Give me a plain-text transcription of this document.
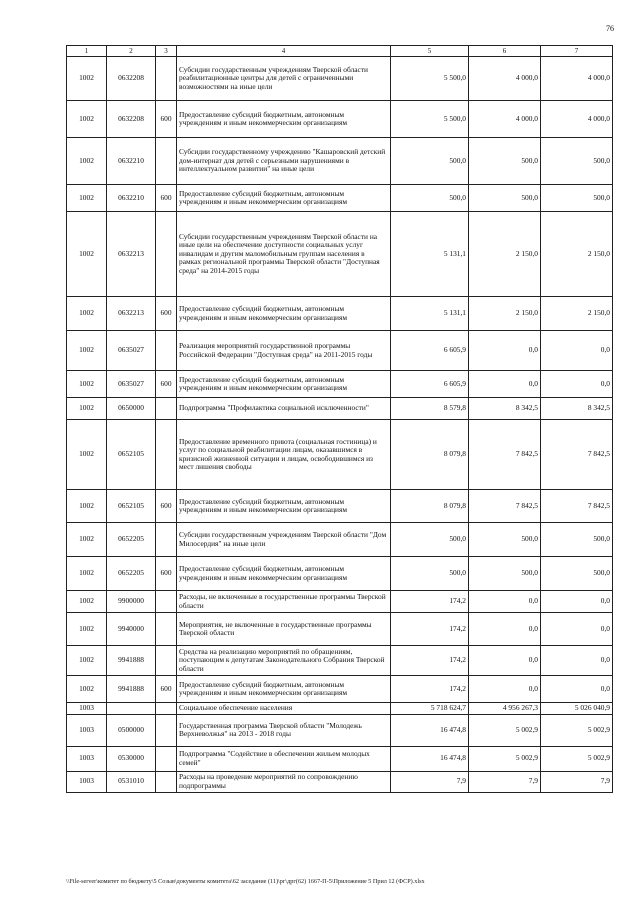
76
1	2	3	4	5	6	7
1002	0632208		Субсидии государственным учреждениям Тверской области реабилитационные центры для детей с ограниченными возможностями на иные цели	5 500,0	4 000,0	4 000,0
1002	0632208	600	Предоставление субсидий бюджетным, автономным учреждениям и иным некоммерческим организациям	5 500,0	4 000,0	4 000,0
1002	0632210		Субсидии государственному учреждению "Кашаровский детский дом-интернат для детей с серьезными нарушениями в интеллектуальном развитии" на иные цели	500,0	500,0	500,0
1002	0632210	600	Предоставление субсидий бюджетным, автономным учреждениям и иным некоммерческим организациям	500,0	500,0	500,0
1002	0632213		Субсидии государственным учреждениям Тверской области на иные цели на обеспечение доступности социальных услуг инвалидам и другим маломобильным группам населения в рамках региональной программы Тверской области "Доступная среда" на 2014-2015 годы	5 131,1	2 150,0	2 150,0
1002	0632213	600	Предоставление субсидий бюджетным, автономным учреждениям и иным некоммерческим организациям	5 131,1	2 150,0	2 150,0
1002	0635027		Реализация мероприятий государственной программы Российской Федерации "Доступная среда" на 2011-2015 годы	6 605,9	0,0	0,0
1002	0635027	600	Предоставление субсидий бюджетным, автономным учреждениям и иным некоммерческим организациям	6 605,9	0,0	0,0
1002	0650000		Подпрограмма "Профилактика социальной исключенности"	8 579,8	8 342,5	8 342,5
1002	0652105		Предоставление временного приюта (социальная гостиница) и услуг по социальной реабилитации лицам, оказавшимся в кризисной жизненной ситуации и лицам, освободившимся из мест лишения свободы	8 079,8	7 842,5	7 842,5
1002	0652105	600	Предоставление субсидий бюджетным, автономным учреждениям и иным некоммерческим организациям	8 079,8	7 842,5	7 842,5
1002	0652205		Субсидии государственным учреждениям Тверской области "Дом Милосердия" на иные цели	500,0	500,0	500,0
1002	0652205	600	Предоставление субсидий бюджетным, автономным учреждениям и иным некоммерческим организациям	500,0	500,0	500,0
1002	9900000		Расходы, не включенные в государственные программы Тверской области	174,2	0,0	0,0
1002	9940000		Мероприятия, не включенные в государственные программы Тверской области	174,2	0,0	0,0
1002	9941888		Средства на реализацию мероприятий по обращениям, поступающим к депутатам Законодательного Собрания Тверской области	174,2	0,0	0,0
1002	9941888	600	Предоставление субсидий бюджетным, автономным учреждениям и иным некоммерческим организациям	174,2	0,0	0,0
1003			Социальное обеспечение населения	5 718 624,7	4 956 267,3	5 026 040,9
1003	0500000		Государственная программа Тверской области "Молодежь Верхневолжья" на 2013 - 2018 годы	16 474,8	5 002,9	5 002,9
1003	0530000		Подпрограмма "Содействие в обеспечении жильем молодых семей"	16 474,8	5 002,9	5 002,9
1003	0531010		Расходы на проведение мероприятий по сопровождению подпрограммы	7,9	7,9	7,9
\\File-server\комитет по бюджету\5 Созыв\документы комитета\62 заседание (11)\рг\дрг(62) 1667-П-5\Приложение 5 Прил 12 (ФСР).xlsx
